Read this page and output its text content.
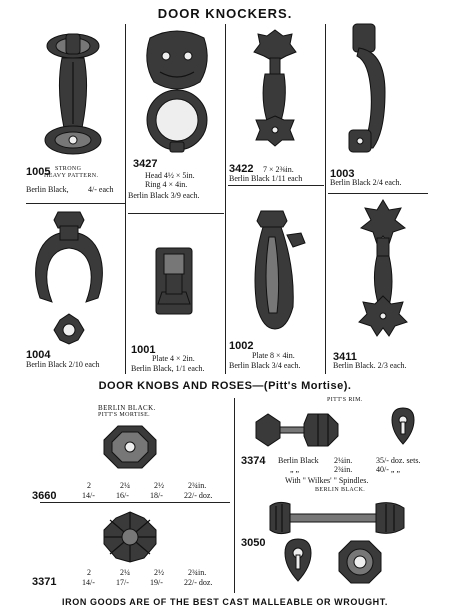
DOOR KNOCKERS.
1005 STRONG
HEAVY PATTERN.
Berlin Black, 4/- each
3427
Head 4½ × 5in.
Ring 4 × 4in.
Berlin Black 3/9 each.
3422 7 × 2⅜in.
Berlin Black 1/11 each	1003
Berlin Black 2/4 each.
1004
Berlin Black 2/10 each
1001
Plate 4 × 2in.
Berlin Black, 1/1 each.
1002
Plate 8 × 4in.
Berlin Black 3/4 each.
3411
Berlin Black. 2/3 each.
DOOR KNOBS AND ROSES—(Pitt's Mortise).
BERLIN BLACK.
PITT'S MORTISE.
3660
2	2¼	2½	2¾in.
14/-	16/-	18/-	22/- doz.
3371
2	2¼	2½	2¾in.
14/-	17/-	19/-	22/- doz.
PITT'S RIM.
3374 Berlin Black 2¼in.	35/- doz. sets.
„ „	2¾in.	40/- „ „
With " Wilkes' " Spindles.
BERLIN BLACK.
3050
IRON GOODS ARE OF THE BEST CAST MALLEABLE OR WROUGHT.
